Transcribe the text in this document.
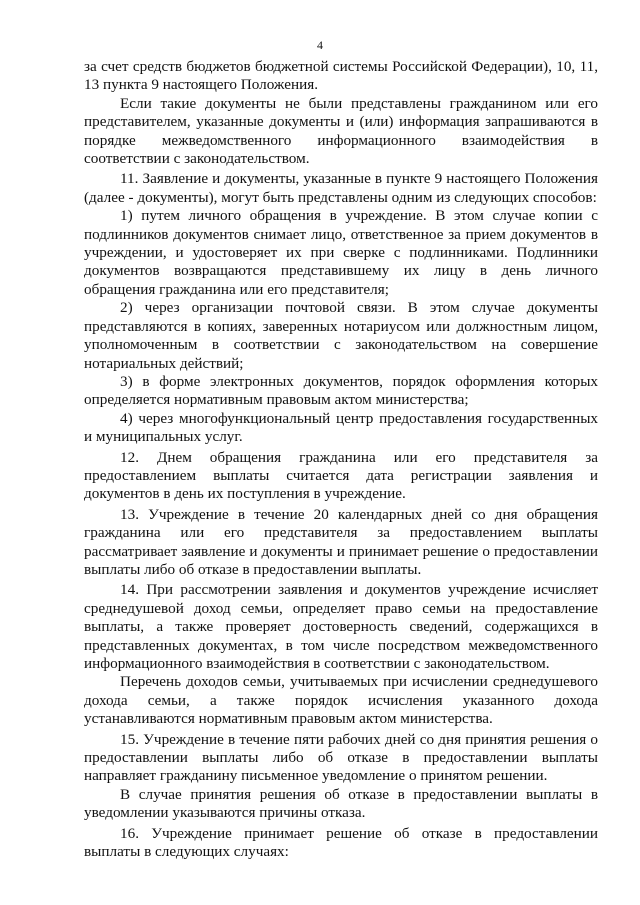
4

за счет средств бюджетов бюджетной системы Российской Федерации), 10, 11, 13 пункта 9 настоящего Положения.

Если такие документы не были представлены гражданином или его представителем, указанные документы и (или) информация запрашиваются в порядке межведомственного информационного взаимодействия в соответствии с законодательством.

11. Заявление и документы, указанные в пункте 9 настоящего Положения (далее - документы), могут быть представлены одним из следующих способов:

1) путем личного обращения в учреждение. В этом случае копии с подлинников документов снимает лицо, ответственное за прием документов в учреждении, и удостоверяет их при сверке с подлинниками. Подлинники документов возвращаются представившему их лицу в день личного обращения гражданина или его представителя;

2) через организации почтовой связи. В этом случае документы представляются в копиях, заверенных нотариусом или должностным лицом, уполномоченным в соответствии с законодательством на совершение нотариальных действий;

3) в форме электронных документов, порядок оформления которых определяется нормативным правовым актом министерства;

4) через многофункциональный центр предоставления государственных и муниципальных услуг.

12. Днем обращения гражданина или его представителя за предоставлением выплаты считается дата регистрации заявления и документов в день их поступления в учреждение.

13. Учреждение в течение 20 календарных дней со дня обращения гражданина или его представителя за предоставлением выплаты рассматривает заявление и документы и принимает решение о предоставлении выплаты либо об отказе в предоставлении выплаты.

14. При рассмотрении заявления и документов учреждение исчисляет среднедушевой доход семьи, определяет право семьи на предоставление выплаты, а также проверяет достоверность сведений, содержащихся в представленных документах, в том числе посредством межведомственного информационного взаимодействия в соответствии с законодательством.

Перечень доходов семьи, учитываемых при исчислении среднедушевого дохода семьи, а также порядок исчисления указанного дохода устанавливаются нормативным правовым актом министерства.

15. Учреждение в течение пяти рабочих дней со дня принятия решения о предоставлении выплаты либо об отказе в предоставлении выплаты направляет гражданину письменное уведомление о принятом решении.

В случае принятия решения об отказе в предоставлении выплаты в уведомлении указываются причины отказа.

16. Учреждение принимает решение об отказе в предоставлении выплаты в следующих случаях:
